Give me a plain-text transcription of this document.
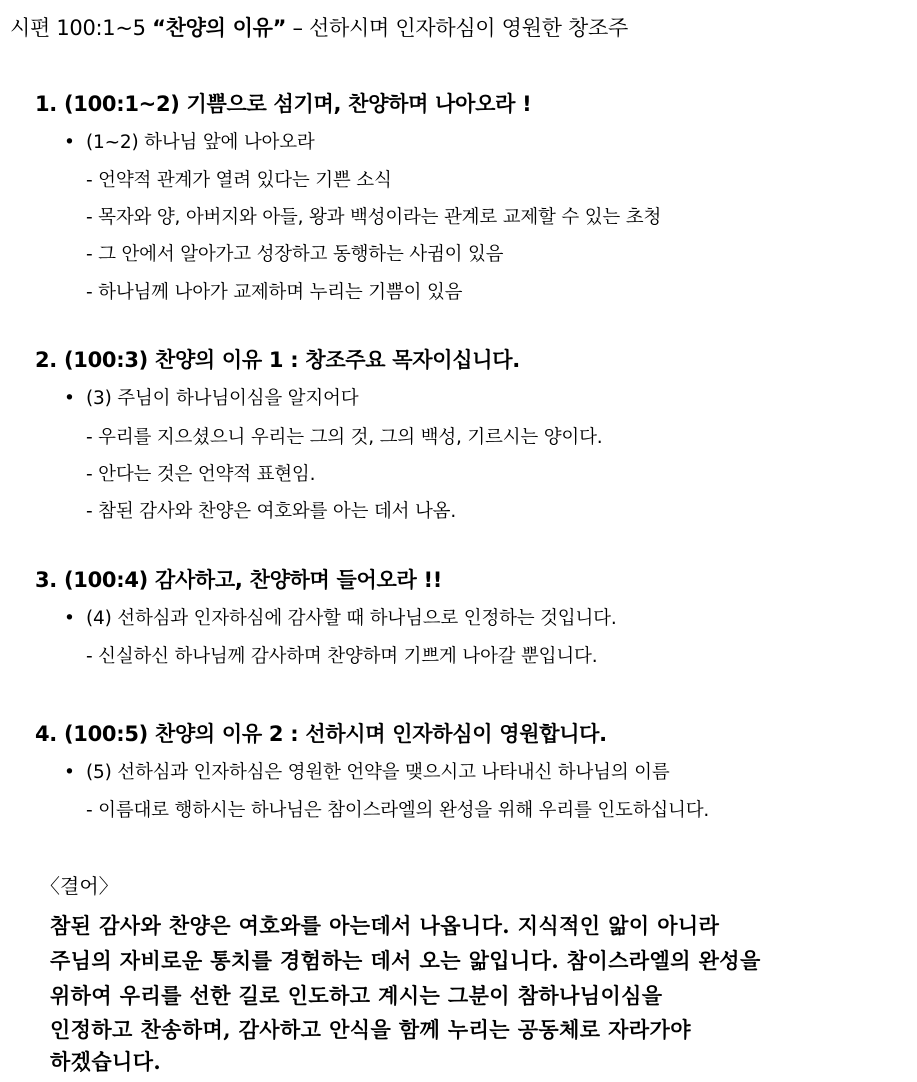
시편 100:1~5 “찬양의 이유” – 선하시며 인자하심이 영원한 창조주
1. (100:1~2) 기쁨으로 섬기며, 찬양하며 나아오라 !
• (1~2) 하나님 앞에 나아오라
- 언약적 관계가 열려 있다는 기쁜 소식
- 목자와 양, 아버지와 아들, 왕과 백성이라는 관계로 교제할 수 있는 초청
- 그 안에서 알아가고 성장하고 동행하는 사귐이 있음
- 하나님께 나아가 교제하며 누리는 기쁨이 있음
2. (100:3) 찬양의 이유 1 : 창조주요 목자이십니다.
• (3) 주님이 하나님이심을 알지어다
- 우리를 지으셨으니 우리는 그의 것, 그의 백성, 기르시는 양이다.
- 안다는 것은 언약적 표현임.
- 참된 감사와 찬양은 여호와를 아는 데서 나옴.
3. (100:4) 감사하고, 찬양하며 들어오라 !!
• (4) 선하심과 인자하심에 감사할 때 하나님으로 인정하는 것입니다.
- 신실하신 하나님께 감사하며 찬양하며 기쁘게 나아갈 뿐입니다.
4. (100:5) 찬양의 이유 2 : 선하시며 인자하심이 영원합니다.
• (5) 선하심과 인자하심은 영원한 언약을 맺으시고 나타내신 하나님의 이름
- 이름대로 행하시는 하나님은 참이스라엘의 완성을 위해 우리를 인도하십니다.
〈결어〉
참된 감사와 찬양은 여호와를 아는데서 나옵니다. 지식적인 앎이 아니라
주님의 자비로운 통치를 경험하는 데서 오는 앎입니다. 참이스라엘의 완성을
위하여 우리를 선한 길로 인도하고 계시는 그분이 참하나님이심을
인정하고 찬송하며, 감사하고 안식을 함께 누리는 공동체로 자라가야
하겠습니다.
